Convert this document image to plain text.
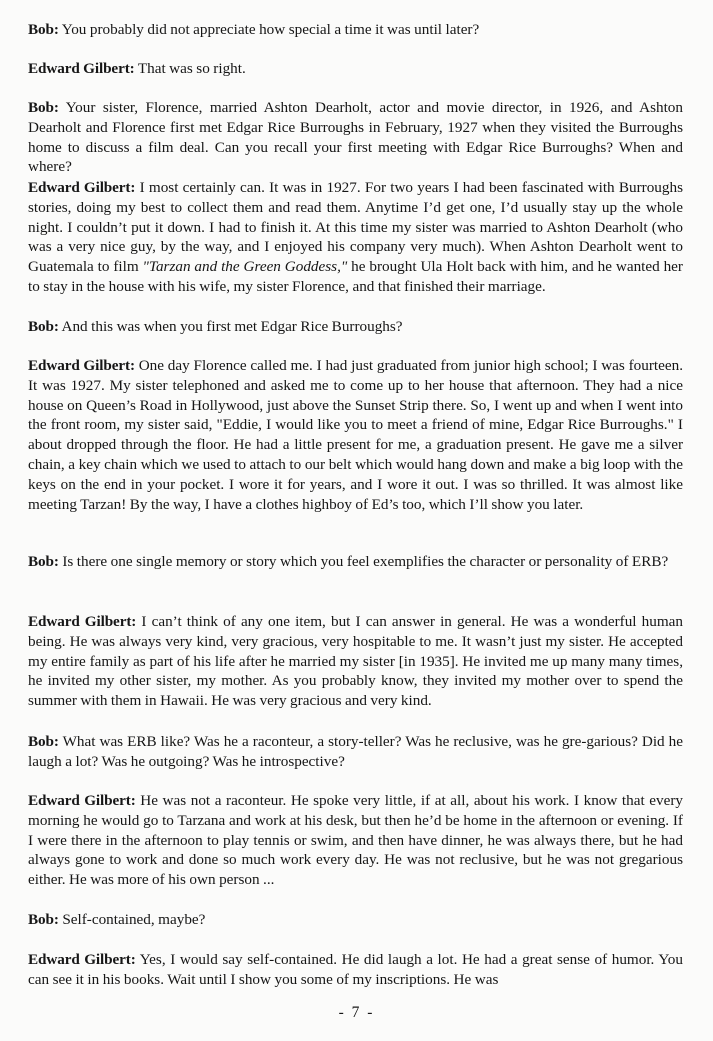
Bob: You probably did not appreciate how special a time it was until later?

Edward Gilbert: That was so right.

Bob: Your sister, Florence, married Ashton Dearholt, actor and movie director, in 1926, and Ashton Dearholt and Florence first met Edgar Rice Burroughs in February, 1927 when they visited the Burroughs home to discuss a film deal. Can you recall your first meeting with Edgar Rice Burroughs? When and where?

Edward Gilbert: I most certainly can. It was in 1927. For two years I had been fascinated with Burroughs stories, doing my best to collect them and read them. Anytime I’d get one, I’d usually stay up the whole night. I couldn’t put it down. I had to finish it. At this time my sister was married to Ashton Dearholt (who was a very nice guy, by the way, and I enjoyed his company very much). When Ashton Dearholt went to Guatemala to film "Tarzan and the Green Goddess," he brought Ula Holt back with him, and he wanted her to stay in the house with his wife, my sister Florence, and that finished their marriage.

Bob: And this was when you first met Edgar Rice Burroughs?

Edward Gilbert: One day Florence called me. I had just graduated from junior high school; I was fourteen. It was 1927. My sister telephoned and asked me to come up to her house that afternoon. They had a nice house on Queen’s Road in Hollywood, just above the Sunset Strip there. So, I went up and when I went into the front room, my sister said, "Eddie, I would like you to meet a friend of mine, Edgar Rice Burroughs." I about dropped through the floor. He had a little present for me, a graduation present. He gave me a silver chain, a key chain which we used to attach to our belt which would hang down and make a big loop with the keys on the end in your pocket. I wore it for years, and I wore it out. I was so thrilled. It was almost like meeting Tarzan! By the way, I have a clothes highboy of Ed’s too, which I’ll show you later.

Bob: Is there one single memory or story which you feel exemplifies the character or personality of ERB?

Edward Gilbert: I can’t think of any one item, but I can answer in general. He was a wonderful human being. He was always very kind, very gracious, very hospitable to me. It wasn’t just my sister. He accepted my entire family as part of his life after he married my sister [in 1935]. He invited me up many many times, he invited my other sister, my mother. As you probably know, they invited my mother over to spend the summer with them in Hawaii. He was very gracious and very kind.

Bob: What was ERB like? Was he a raconteur, a story-teller? Was he reclusive, was he gre-garious? Did he laugh a lot? Was he outgoing? Was he introspective?

Edward Gilbert: He was not a raconteur. He spoke very little, if at all, about his work. I know that every morning he would go to Tarzana and work at his desk, but then he’d be home in the afternoon or evening. If I were there in the afternoon to play tennis or swim, and then have dinner, he was always there, but he had always gone to work and done so much work every day. He was not reclusive, but he was not gregarious either. He was more of his own person ...

Bob: Self-contained, maybe?

Edward Gilbert: Yes, I would say self-contained. He did laugh a lot. He had a great sense of humor. You can see it in his books. Wait until I show you some of my inscriptions. He was

- 7 -
